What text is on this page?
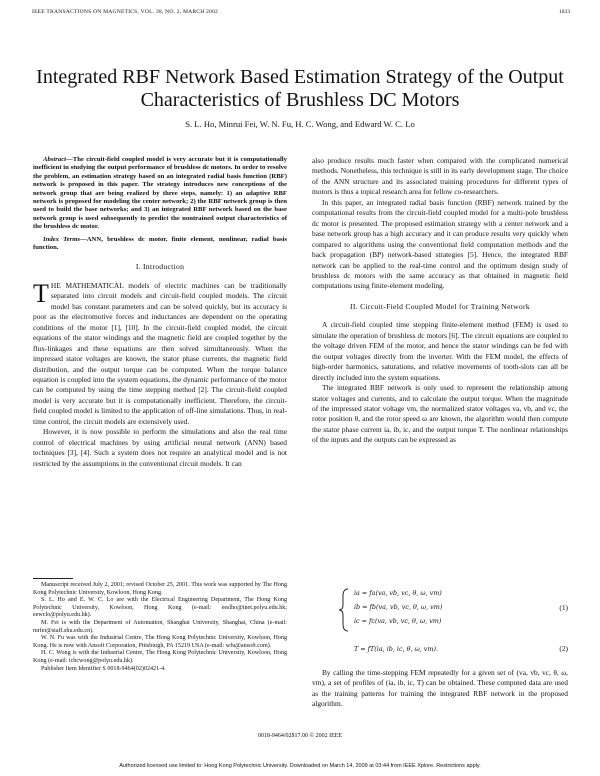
IEEE TRANSACTIONS ON MAGNETICS, VOL. 38, NO. 2, MARCH 2002	1033
Integrated RBF Network Based Estimation Strategy of the Output Characteristics of Brushless DC Motors
S. L. Ho, Minrui Fei, W. N. Fu, H. C. Wong, and Edward W. C. Lo
Abstract—The circuit-field coupled model is very accurate but it is computationally inefficient in studying the output performance of brushless dc motors. In order to resolve the problem, an estimation strategy based on an integrated radial basis function (RBF) network is proposed in this paper. The strategy introduces new conceptions of the network group that are being realized by three steps, namely: 1) an adaptive RBF network is proposed for modeling the center network; 2) the RBF network group is then used to build the base networks; and 3) an integrated RBF network based on the base network group is used subsequently to predict the nontrained output characteristics of the brushless dc motor.
Index Terms—ANN, brushless dc motor, finite element, nonlinear, radial basis function.
I. Introduction

THE MATHEMATICAL models of electric machines can be traditionally separated into circuit models and circuit-field coupled models. The circuit model has constant parameters and can be solved quickly, but its accuracy is poor as the electromotive forces and inductances are dependent on the operating conditions of the motor [1], [10]. In the circuit-field coupled model, the circuit equations of the stator windings and the magnetic field are coupled together by the flux-linkages and these equations are then solved simultaneously. When the impressed stator voltages are known, the stator phase currents, the magnetic field distribution, and the output torque can be computed. When the torque balance equation is coupled into the system equations, the dynamic performance of the motor can be computed by using the time stepping method [2]. The circuit-field coupled model is very accurate but it is computationally inefficient. Therefore, the circuit-field coupled model is limited to the application of off-line simulations. Thus, in real-time control, the circuit models are extensively used.

However, it is now possible to perform the simulations and also the real time control of electrical machines by using artificial neural network (ANN) based techniques [3], [4]. Such a system does not require an analytical model and is not restricted by the assumptions in the conventional circuit models. It can

Manuscript received July 2, 2001; revised October 25, 2001. This work was supported by The Hong Kong Polytechnic University, Kowloon, Hong Kong.

S. L. Ho and E. W. C. Lo are with the Electrical Engineering Department, The Hong Kong Polytechnic University, Kowloon, Hong Kong (e-mail: eeslho@inet.polyu.edu.hk; eewclo@polyu.edu.hk).

M. Fei is with the Department of Automation, Shanghai University, Shanghai, China (e-mail: mrfei@staff.shu.edu.cn).

W. N. Fu was with the Industrial Centre, The Hong Kong Polytechnic University, Kowloon, Hong Kong. He is now with Ansoft Corporation, Pittsburgh, PA 15219 USA (e-mail: wfu@ansoft.com).

H. C. Wong is with the Industrial Centre, The Hong Kong Polytechnic University, Kowloon, Hong Kong (e-mail: ichcwong@polyu.edu.hk).

Publisher Item Identifier S 0018-9464(02)02421-4.

also produce results much faster when compared with the complicated numerical methods. Nonetheless, this technique is still in its early development stage. The choice of the ANN structure and its associated training procedures for different types of motors is thus a topical research area for fellow co-researchers.

In this paper, an integrated radial basis function (RBF) network trained by the computational results from the circuit-field coupled model for a multi-pole brushless dc motor is presented. The proposed estimation strategy with a center network and a base network group has a high accuracy and it can produce results very quickly when compared to algorithms using the conventional field computation methods and the back propagation (BP) network-based strategies [5]. Hence, the integrated RBF network can be applied to the real-time control and the optimum design study of brushless dc motors with the same accuracy as that obtained in magnetic field computations using finite-element modeling.

II. Circuit-Field Coupled Model for Training Network

A circuit-field coupled time stepping finite-element method (FEM) is used to simulate the operation of brushless dc motors [6]. The circuit equations are coupled to the voltage driven FEM of the motor, and hence the stator windings can be fed with the output voltages directly from the inverter. With the FEM model, the effects of high-order harmonics, saturations, and relative movements of tooth-slots can all be directly included into the system equations.

The integrated RBF network is only used to represent the relationship among stator voltages and currents, and to calculate the output torque. When the magnitude of the impressed stator voltage vm, the normalized stator voltages va, vb, and vc, the rotor position θ, and the rotor speed ω are known, the algorithm would then compute the stator phase current ia, ib, ic, and the output torque T. The nonlinear relationships of the inputs and the outputs can be expressed as

ia = fa(va, vb, vc, θ, ω, vm)
ib = fb(va, vb, vc, θ, ω, vm)
ic = fc(va, vb, vc, θ, ω, vm)
(1)
T = fT(ia, ib, ic, θ, ω, vm).	(2)

By calling the time-stepping FEM repeatedly for a given set of (va, vb, vc, θ, ω, vm), a set of profiles of (ia, ib, ic, T) can be obtained. These computed data are used as the training patterns for training the integrated RBF network in the proposed algorithm.

0018-9464/02$17.00 © 2002 IEEE
Authorized licensed use limited to: Hong Kong Polytechnic University. Downloaded on March 14, 2009 at 03:44 from IEEE Xplore. Restrictions apply.
